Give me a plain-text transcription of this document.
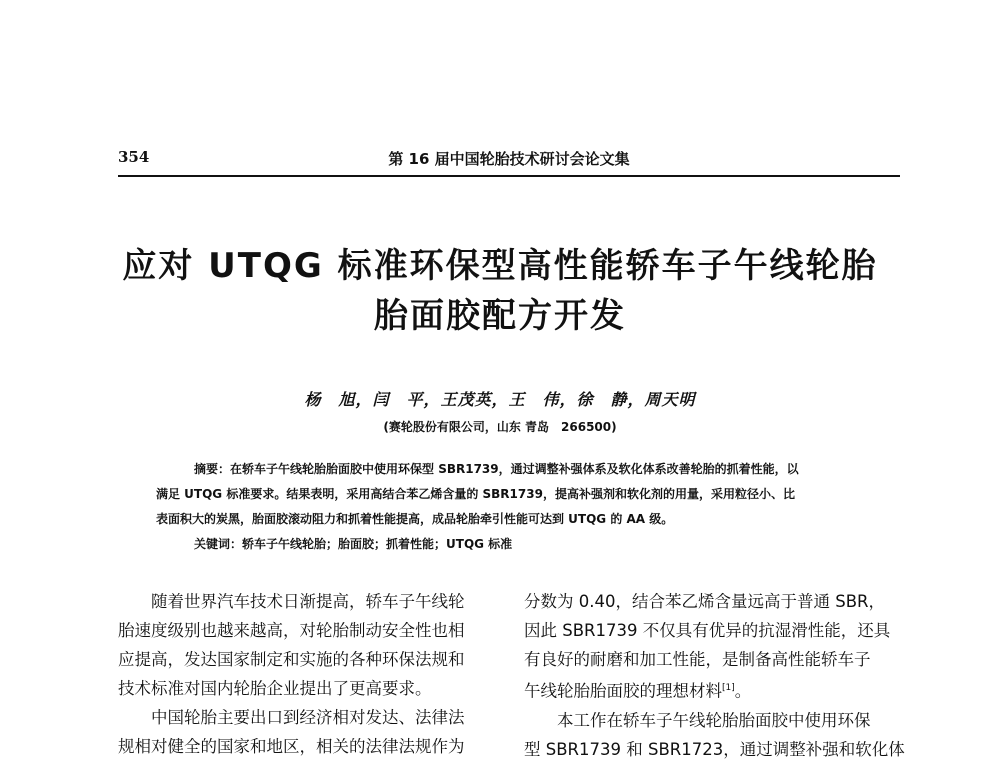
354	第 16 届中国轮胎技术研讨会论文集
应对 UTQG 标准环保型高性能轿车子午线轮胎
胎面胶配方开发
杨　旭，闫　平，王茂英，王　伟，徐　静，周天明
(赛轮股份有限公司，山东 青岛　266500)
摘要：在轿车子午线轮胎胎面胶中使用环保型 SBR1739，通过调整补强体系及软化体系改善轮胎的抓着性能，以
满足 UTQG 标准要求。结果表明，采用高结合苯乙烯含量的 SBR1739，提高补强剂和软化剂的用量，采用粒径小、比
表面积大的炭黑，胎面胶滚动阻力和抓着性能提高，成品轮胎牵引性能可达到 UTQG 的 AA 级。
关键词：轿车子午线轮胎；胎面胶；抓着性能；UTQG 标准
随着世界汽车技术日渐提高，轿车子午线轮
胎速度级别也越来越高，对轮胎制动安全性也相
应提高，发达国家制定和实施的各种环保法规和
技术标准对国内轮胎企业提出了更高要求。
中国轮胎主要出口到经济相对发达、法律法
规相对健全的国家和地区，相关的法律法规作为
分数为 0.40，结合苯乙烯含量远高于普通 SBR，
因此 SBR1739 不仅具有优异的抗湿滑性能，还具
有良好的耐磨和加工性能，是制备高性能轿车子
午线轮胎胎面胶的理想材料[1]。
本工作在轿车子午线轮胎胎面胶中使用环保
型 SBR1739 和 SBR1723，通过调整补强和软化体
